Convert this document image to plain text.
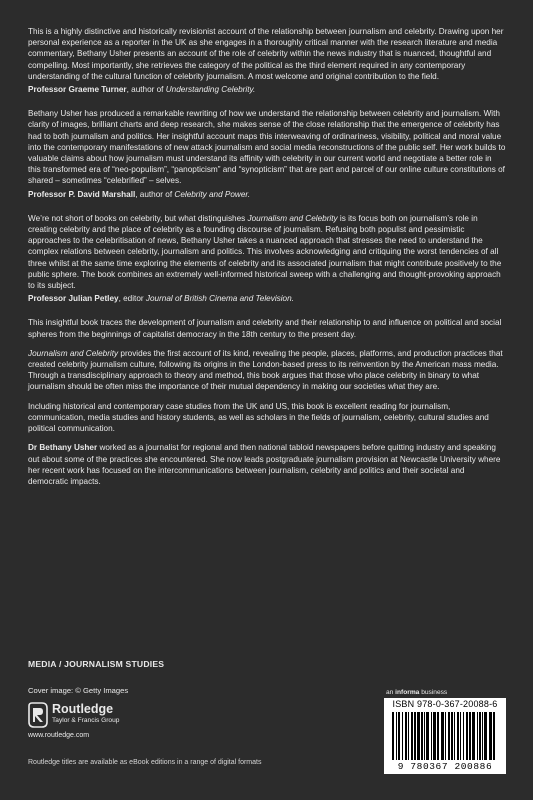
This is a highly distinctive and historically revisionist account of the relationship between journalism and celebrity. Drawing upon her personal experience as a reporter in the UK as she engages in a thoroughly critical manner with the research literature and media commentary, Bethany Usher presents an account of the role of celebrity within the news industry that is nuanced, thoughtful and compelling. Most importantly, she retrieves the category of the political as the third element required in any contemporary understanding of the cultural function of celebrity journalism. A most welcome and original contribution to the field.

Professor Graeme Turner, author of Understanding Celebrity.

Bethany Usher has produced a remarkable rewriting of how we understand the relationship between celebrity and journalism. With clarity of images, brilliant charts and deep research, she makes sense of the close relationship that the emergence of celebrity has had to both journalism and politics. Her insightful account maps this interweaving of ordinariness, visibility, political and moral value into the contemporary manifestations of new attack journalism and social media reconstructions of the public self. Her work builds to valuable claims about how journalism must understand its affinity with celebrity in our current world and negotiate a better role in this transformed era of “neo-populism”, “panopticism” and “synopticism” that are part and parcel of our online culture constitutions of shared – sometimes “celebrified” – selves.

Professor P. David Marshall, author of Celebrity and Power.

We’re not short of books on celebrity, but what distinguishes Journalism and Celebrity is its focus both on journalism’s role in creating celebrity and the place of celebrity as a founding discourse of journalism. Refusing both populist and pessimistic approaches to the celebritisation of news, Bethany Usher takes a nuanced approach that stresses the need to understand the complex relations between celebrity, journalism and politics. This involves acknowledging and critiquing the worst tendencies of all three whilst at the same time exploring the elements of celebrity and its associated journalism that might contribute positively to the public sphere. The book combines an extremely well-informed historical sweep with a challenging and thought-provoking approach to its subject.

Professor Julian Petley, editor Journal of British Cinema and Television.

This insightful book traces the development of journalism and celebrity and their relationship to and influence on political and social spheres from the beginnings of capitalist democracy in the 18th century to the present day.

Journalism and Celebrity provides the first account of its kind, revealing the people, places, platforms, and production practices that created celebrity journalism culture, following its origins in the London-based press to its reinvention by the American mass media. Through a transdisciplinary approach to theory and method, this book argues that those who place celebrity in binary to what journalism should be often miss the importance of their mutual dependency in making our societies what they are.

Including historical and contemporary case studies from the UK and US, this book is excellent reading for journalism, communication, media studies and history students, as well as scholars in the fields of journalism, celebrity, cultural studies and political communication.

Dr Bethany Usher worked as a journalist for regional and then national tabloid newspapers before quitting industry and speaking out about some of the practices she encountered. She now leads postgraduate journalism provision at Newcastle University where her recent work has focused on the intercommunications between journalism, celebrity and politics and their societal and democratic impacts.

MEDIA / JOURNALISM STUDIES
Cover image: © Getty Images
Routledge
Taylor & Francis Group
www.routledge.com
an informa business
ISBN 978-0-367-20088-6
9 780367 200886
Routledge titles are available as eBook editions in a range of digital formats
